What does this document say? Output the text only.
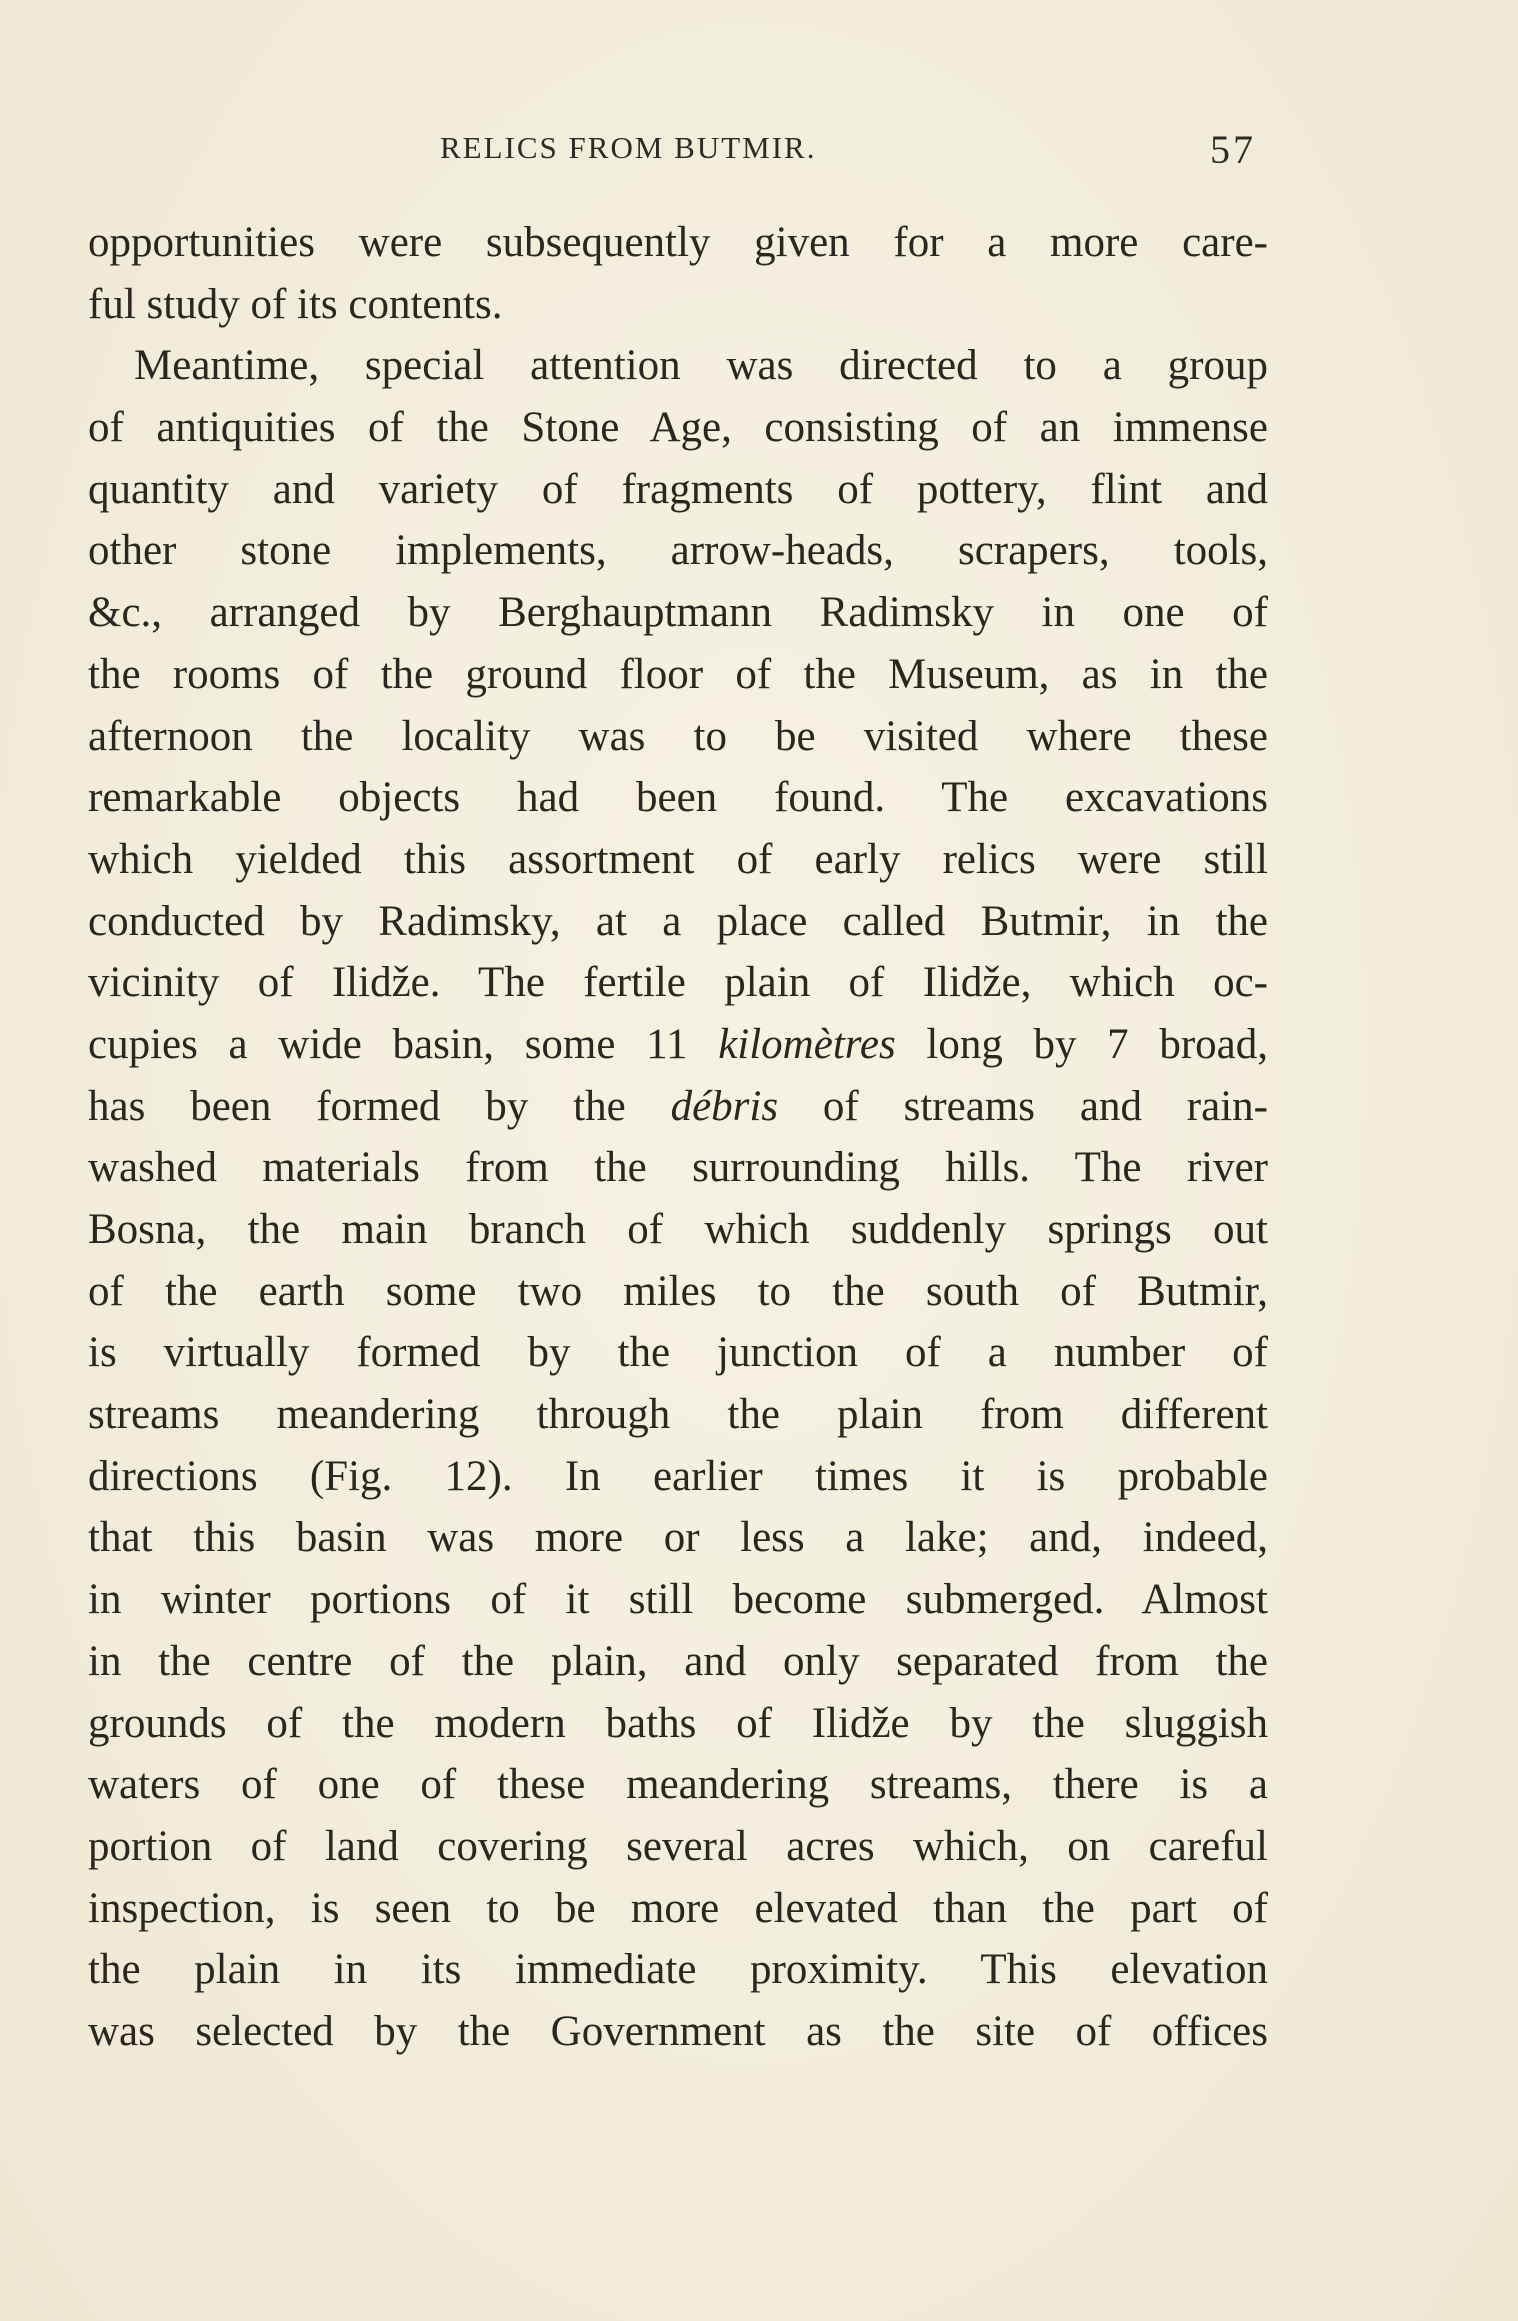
RELICS FROM BUTMIR.	57
opportunities were subsequently given for a more care-
ful study of its contents.
Meantime, special attention was directed to a group
of antiquities of the Stone Age, consisting of an immense
quantity and variety of fragments of pottery, flint and
other stone implements, arrow-heads, scrapers, tools,
&c., arranged by Berghauptmann Radimsky in one of
the rooms of the ground floor of the Museum, as in the
afternoon the locality was to be visited where these
remarkable objects had been found. The excavations
which yielded this assortment of early relics were still
conducted by Radimsky, at a place called Butmir, in the
vicinity of Ilidže. The fertile plain of Ilidže, which oc-
cupies a wide basin, some 11 kilomètres long by 7 broad,
has been formed by the débris of streams and rain-
washed materials from the surrounding hills. The river
Bosna, the main branch of which suddenly springs out
of the earth some two miles to the south of Butmir,
is virtually formed by the junction of a number of
streams meandering through the plain from different
directions (Fig. 12). In earlier times it is probable
that this basin was more or less a lake; and, indeed,
in winter portions of it still become submerged. Almost
in the centre of the plain, and only separated from the
grounds of the modern baths of Ilidže by the sluggish
waters of one of these meandering streams, there is a
portion of land covering several acres which, on careful
inspection, is seen to be more elevated than the part of
the plain in its immediate proximity. This elevation
was selected by the Government as the site of offices
